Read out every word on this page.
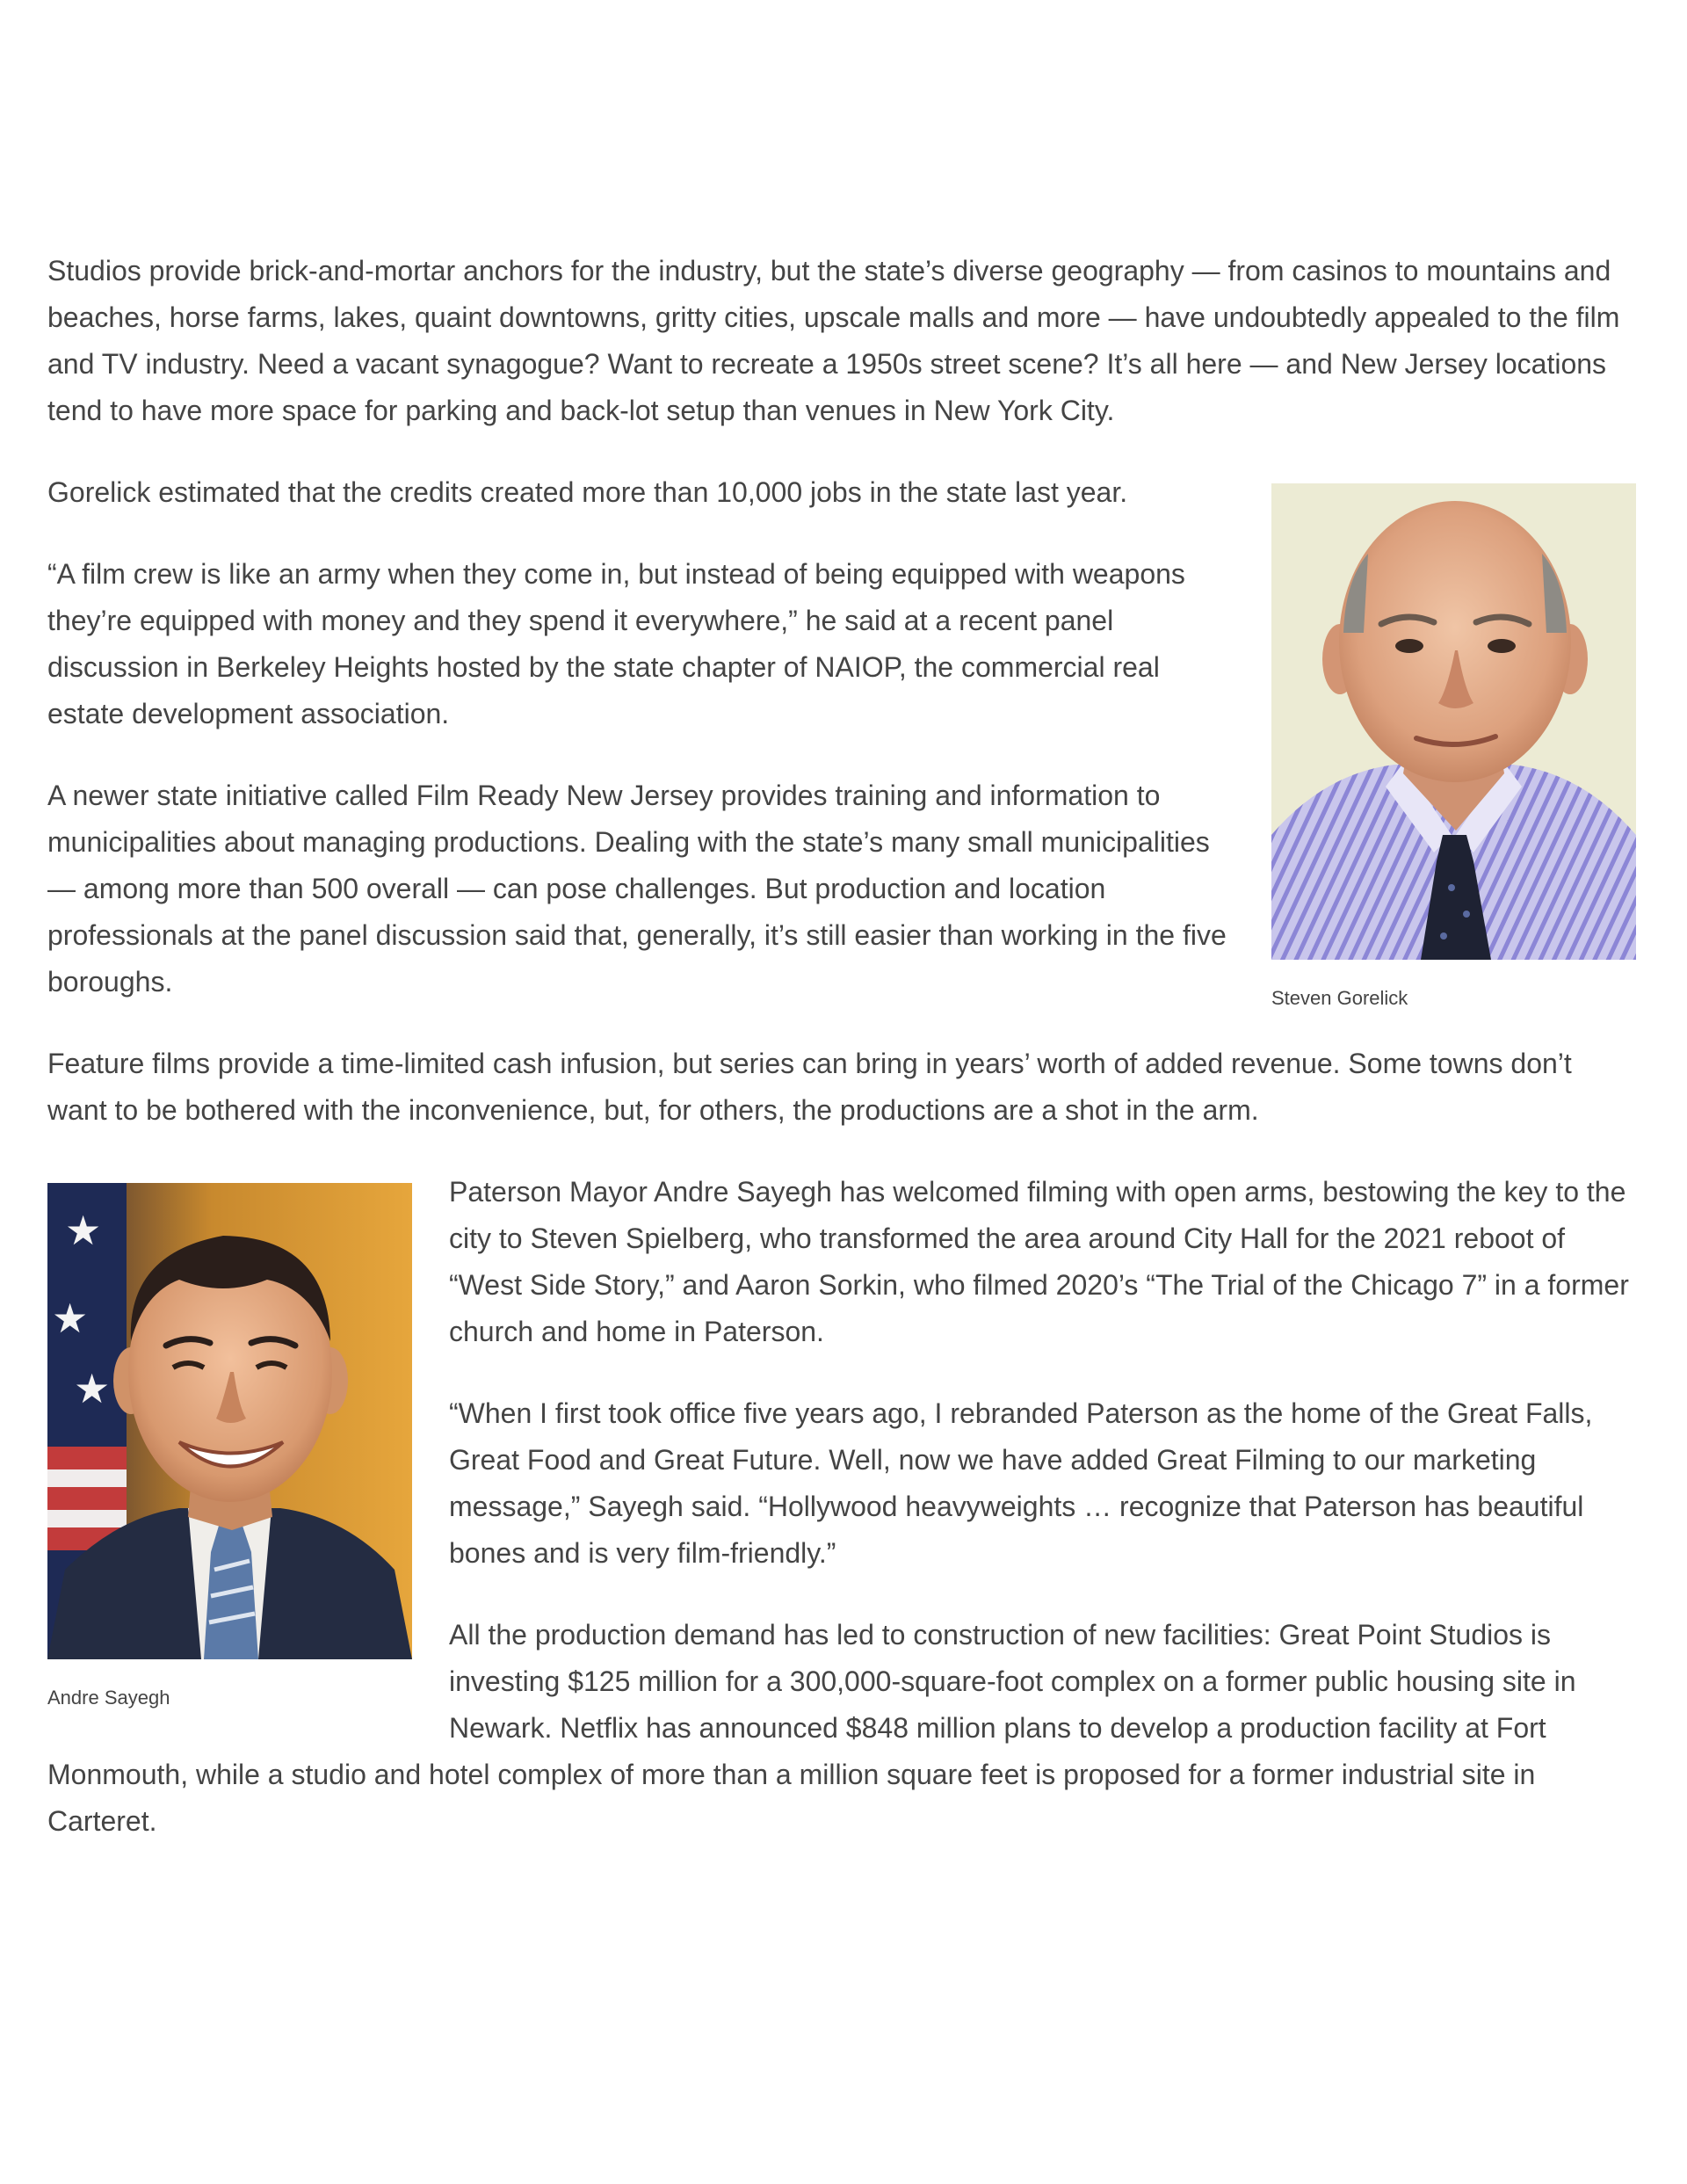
Studios provide brick-and-mortar anchors for the industry, but the state’s diverse geography — from casinos to mountains and beaches, horse farms, lakes, quaint downtowns, gritty cities, upscale malls and more — have undoubtedly appealed to the film and TV industry. Need a vacant synagogue? Want to recreate a 1950s street scene? It’s all here — and New Jersey locations tend to have more space for parking and back-lot setup than venues in New York City.

Steven Gorelick

Gorelick estimated that the credits created more than 10,000 jobs in the state last year.

“A film crew is like an army when they come in, but instead of being equipped with weapons they’re equipped with money and they spend it everywhere,” he said at a recent panel discussion in Berkeley Heights hosted by the state chapter of NAIOP, the commercial real estate development association.

A newer state initiative called Film Ready New Jersey provides training and information to municipalities about managing productions. Dealing with the state’s many small municipalities — among more than 500 overall — can pose challenges. But production and location professionals at the panel discussion said that, generally, it’s still easier than working in the five boroughs.

Feature films provide a time-limited cash infusion, but series can bring in years’ worth of added revenue. Some towns don’t want to be bothered with the inconvenience, but, for others, the productions are a shot in the arm.

★
★
★
Andre Sayegh

Paterson Mayor Andre Sayegh has welcomed filming with open arms, bestowing the key to the city to Steven Spielberg, who transformed the area around City Hall for the 2021 reboot of “West Side Story,” and Aaron Sorkin, who filmed 2020’s “The Trial of the Chicago 7” in a former church and home in Paterson.

“When I first took office five years ago, I rebranded Paterson as the home of the Great Falls, Great Food and Great Future. Well, now we have added Great Filming to our marketing message,” Sayegh said. “Hollywood heavyweights … recognize that Paterson has beautiful bones and is very film-friendly.”

All the production demand has led to construction of new facilities: Great Point Studios is investing $125 million for a 300,000-square-foot complex on a former public housing site in Newark. Netflix has announced $848 million plans to develop a production facility at Fort Monmouth, while a studio and hotel complex of more than a million square feet is proposed for a former industrial site in Carteret.
